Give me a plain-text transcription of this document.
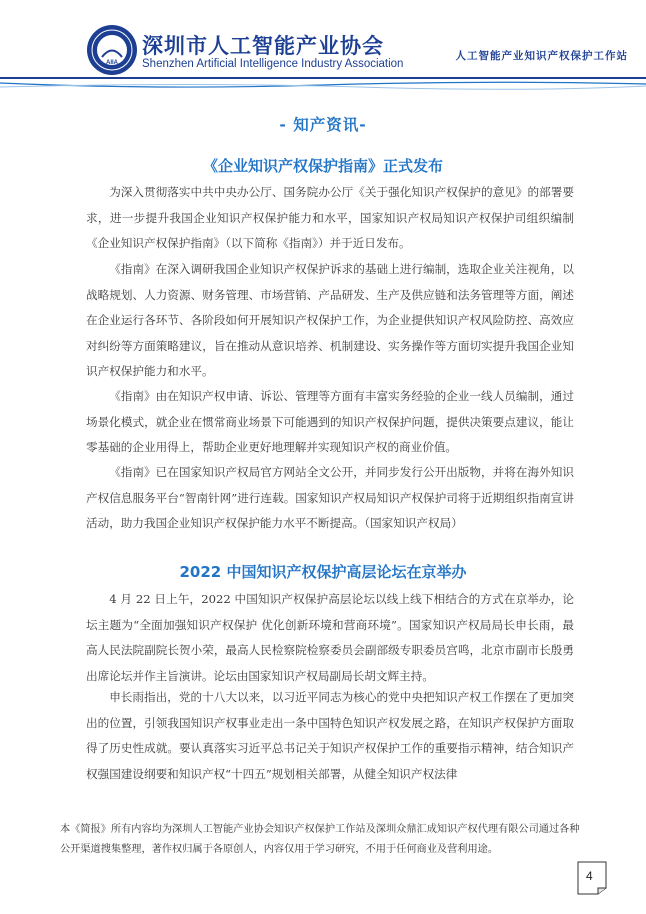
AIIA
深圳市人工智能产业协会
Shenzhen Artificial Intelligence Industry Association
人工智能产业知识产权保护工作站
- 知产资讯-
《企业知识产权保护指南》正式发布

为深入贯彻落实中共中央办公厅、国务院办公厅《关于强化知识产权保护的意见》的部署要求，进一步提升我国企业知识产权保护能力和水平，国家知识产权局知识产权保护司组织编制《企业知识产权保护指南》（以下简称《指南》）并于近日发布。

《指南》在深入调研我国企业知识产权保护诉求的基础上进行编制，选取企业关注视角，以战略规划、人力资源、财务管理、市场营销、产品研发、生产及供应链和法务管理等方面，阐述在企业运行各环节、各阶段如何开展知识产权保护工作，为企业提供知识产权风险防控、高效应对纠纷等方面策略建议，旨在推动从意识培养、机制建设、实务操作等方面切实提升我国企业知识产权保护能力和水平。

《指南》由在知识产权申请、诉讼、管理等方面有丰富实务经验的企业一线人员编制，通过场景化模式，就企业在惯常商业场景下可能遇到的知识产权保护问题，提供决策要点建议，能让零基础的企业用得上，帮助企业更好地理解并实现知识产权的商业价值。

《指南》已在国家知识产权局官方网站全文公开，并同步发行公开出版物，并将在海外知识产权信息服务平台“智南针网”进行连载。国家知识产权局知识产权保护司将于近期组织指南宣讲活动，助力我国企业知识产权保护能力水平不断提高。（国家知识产权局）

2022 中国知识产权保护高层论坛在京举办

4 月 22 日上午，2022 中国知识产权保护高层论坛以线上线下相结合的方式在京举办，论坛主题为“全面加强知识产权保护 优化创新环境和营商环境”。国家知识产权局局长申长雨，最高人民法院副院长贺小荣，最高人民检察院检察委员会副部级专职委员宫鸣，北京市副市长殷勇出席论坛并作主旨演讲。论坛由国家知识产权局副局长胡文辉主持。

申长雨指出，党的十八大以来，以习近平同志为核心的党中央把知识产权工作摆在了更加突出的位置，引领我国知识产权事业走出一条中国特色知识产权发展之路，在知识产权保护方面取得了历史性成就。要认真落实习近平总书记关于知识产权保护工作的重要指示精神，结合知识产权强国建设纲要和知识产权“十四五”规划相关部署，从健全知识产权法律

本《简报》所有内容均为深圳人工智能产业协会知识产权保护工作站及深圳众鼎汇成知识产权代理有限公司通过各种公开渠道搜集整理，著作权归属于各原创人，内容仅用于学习研究，不用于任何商业及营利用途。

4
